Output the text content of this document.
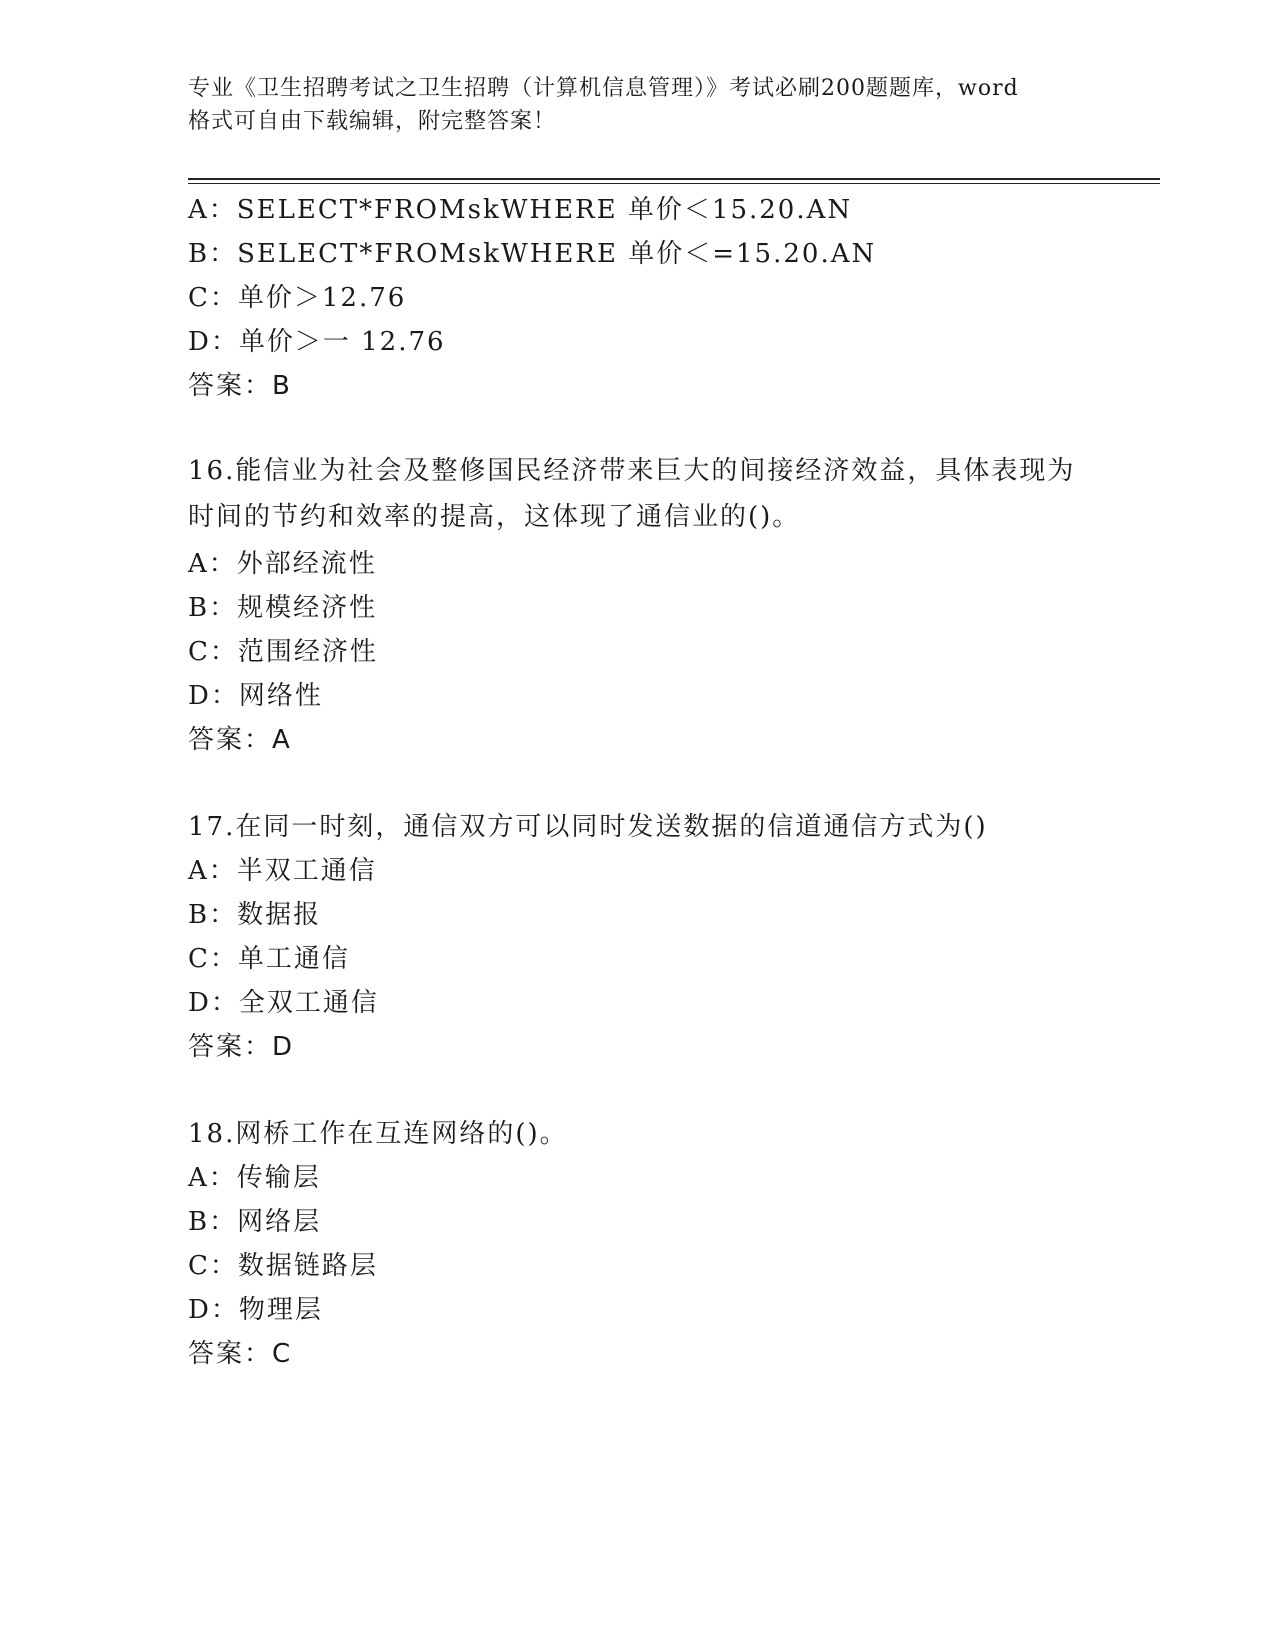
专业《卫生招聘考试之卫生招聘（计算机信息管理）》考试必刷200题题库，word
格式可自由下载编辑，附完整答案！
A：SELECT*FROMskWHERE 单价＜15.20.AN
B：SELECT*FROMskWHERE 单价＜=15.20.AN
C：单价＞12.76
D：单价＞一 12.76
答案：B
16.能信业为社会及整修国民经济带来巨大的间接经济效益，具体表现为时间的节约和效率的提高，这体现了通信业的()。
A：外部经流性
B：规模经济性
C：范围经济性
D：网络性
答案：A
17.在同一时刻，通信双方可以同时发送数据的信道通信方式为()
A：半双工通信
B：数据报
C：单工通信
D：全双工通信
答案：D
18.网桥工作在互连网络的()。
A：传输层
B：网络层
C：数据链路层
D：物理层
答案：C
